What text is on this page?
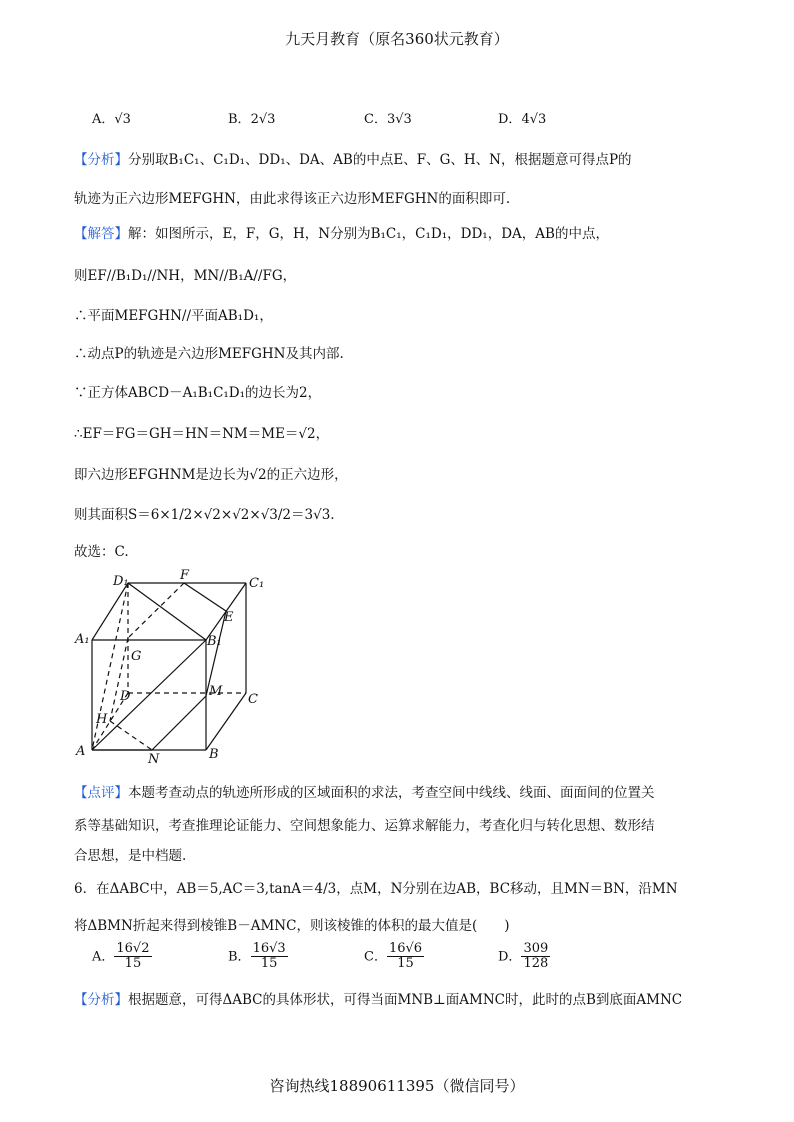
九天月教育（原名360状元教育）
A．√3	B．2√3	C．3√3	D．4√3
【分析】分别取B₁C₁、C₁D₁、DD₁、DA、AB的中点E、F、G、H、N，根据题意可得点P的
轨迹为正六边形MEFGHN，由此求得该正六边形MEFGHN的面积即可.
【解答】解：如图所示，E，F，G，H，N分别为B₁C₁，C₁D₁，DD₁，DA，AB的中点，
则EF//B₁D₁//NH，MN//B₁A//FG，
∴平面MEFGHN//平面AB₁D₁，
∴动点P的轨迹是六边形MEFGHN及其内部.
∵正方体ABCD－A₁B₁C₁D₁的边长为2，
∴EF＝FG＝GH＝HN＝NM＝ME＝√2，
即六边形EFGHNM是边长为√2的正六边形，
则其面积S＝6×1/2×√2×√2×√3/2＝3√3.
故选：C.
D₁	F
C₁
E
A₁	B₁
G
M
D	C
H
A
N	B
【点评】本题考查动点的轨迹所形成的区域面积的求法，考查空间中线线、线面、面面间的位置关
系等基础知识，考查推理论证能力、空间想象能力、运算求解能力，考查化归与转化思想、数形结
合思想，是中档题.
6．在ΔABC中，AB＝5,AC＝3,tanA＝4/3，点M，N分别在边AB，BC移动，且MN＝BN，沿MN
将ΔBMN折起来得到棱锥B－AMNC，则该棱锥的体积的最大值是(　　)
A． $\frac{16√2}{15}$	B． $\frac{16√3}{15}$	C． $\frac{16√6}{15}$	D． $\frac{309}{128}$
【分析】根据题意，可得ΔABC的具体形状，可得当面MNB⊥面AMNC时，此时的点B到底面AMNC
咨询热线18890611395（微信同号）
